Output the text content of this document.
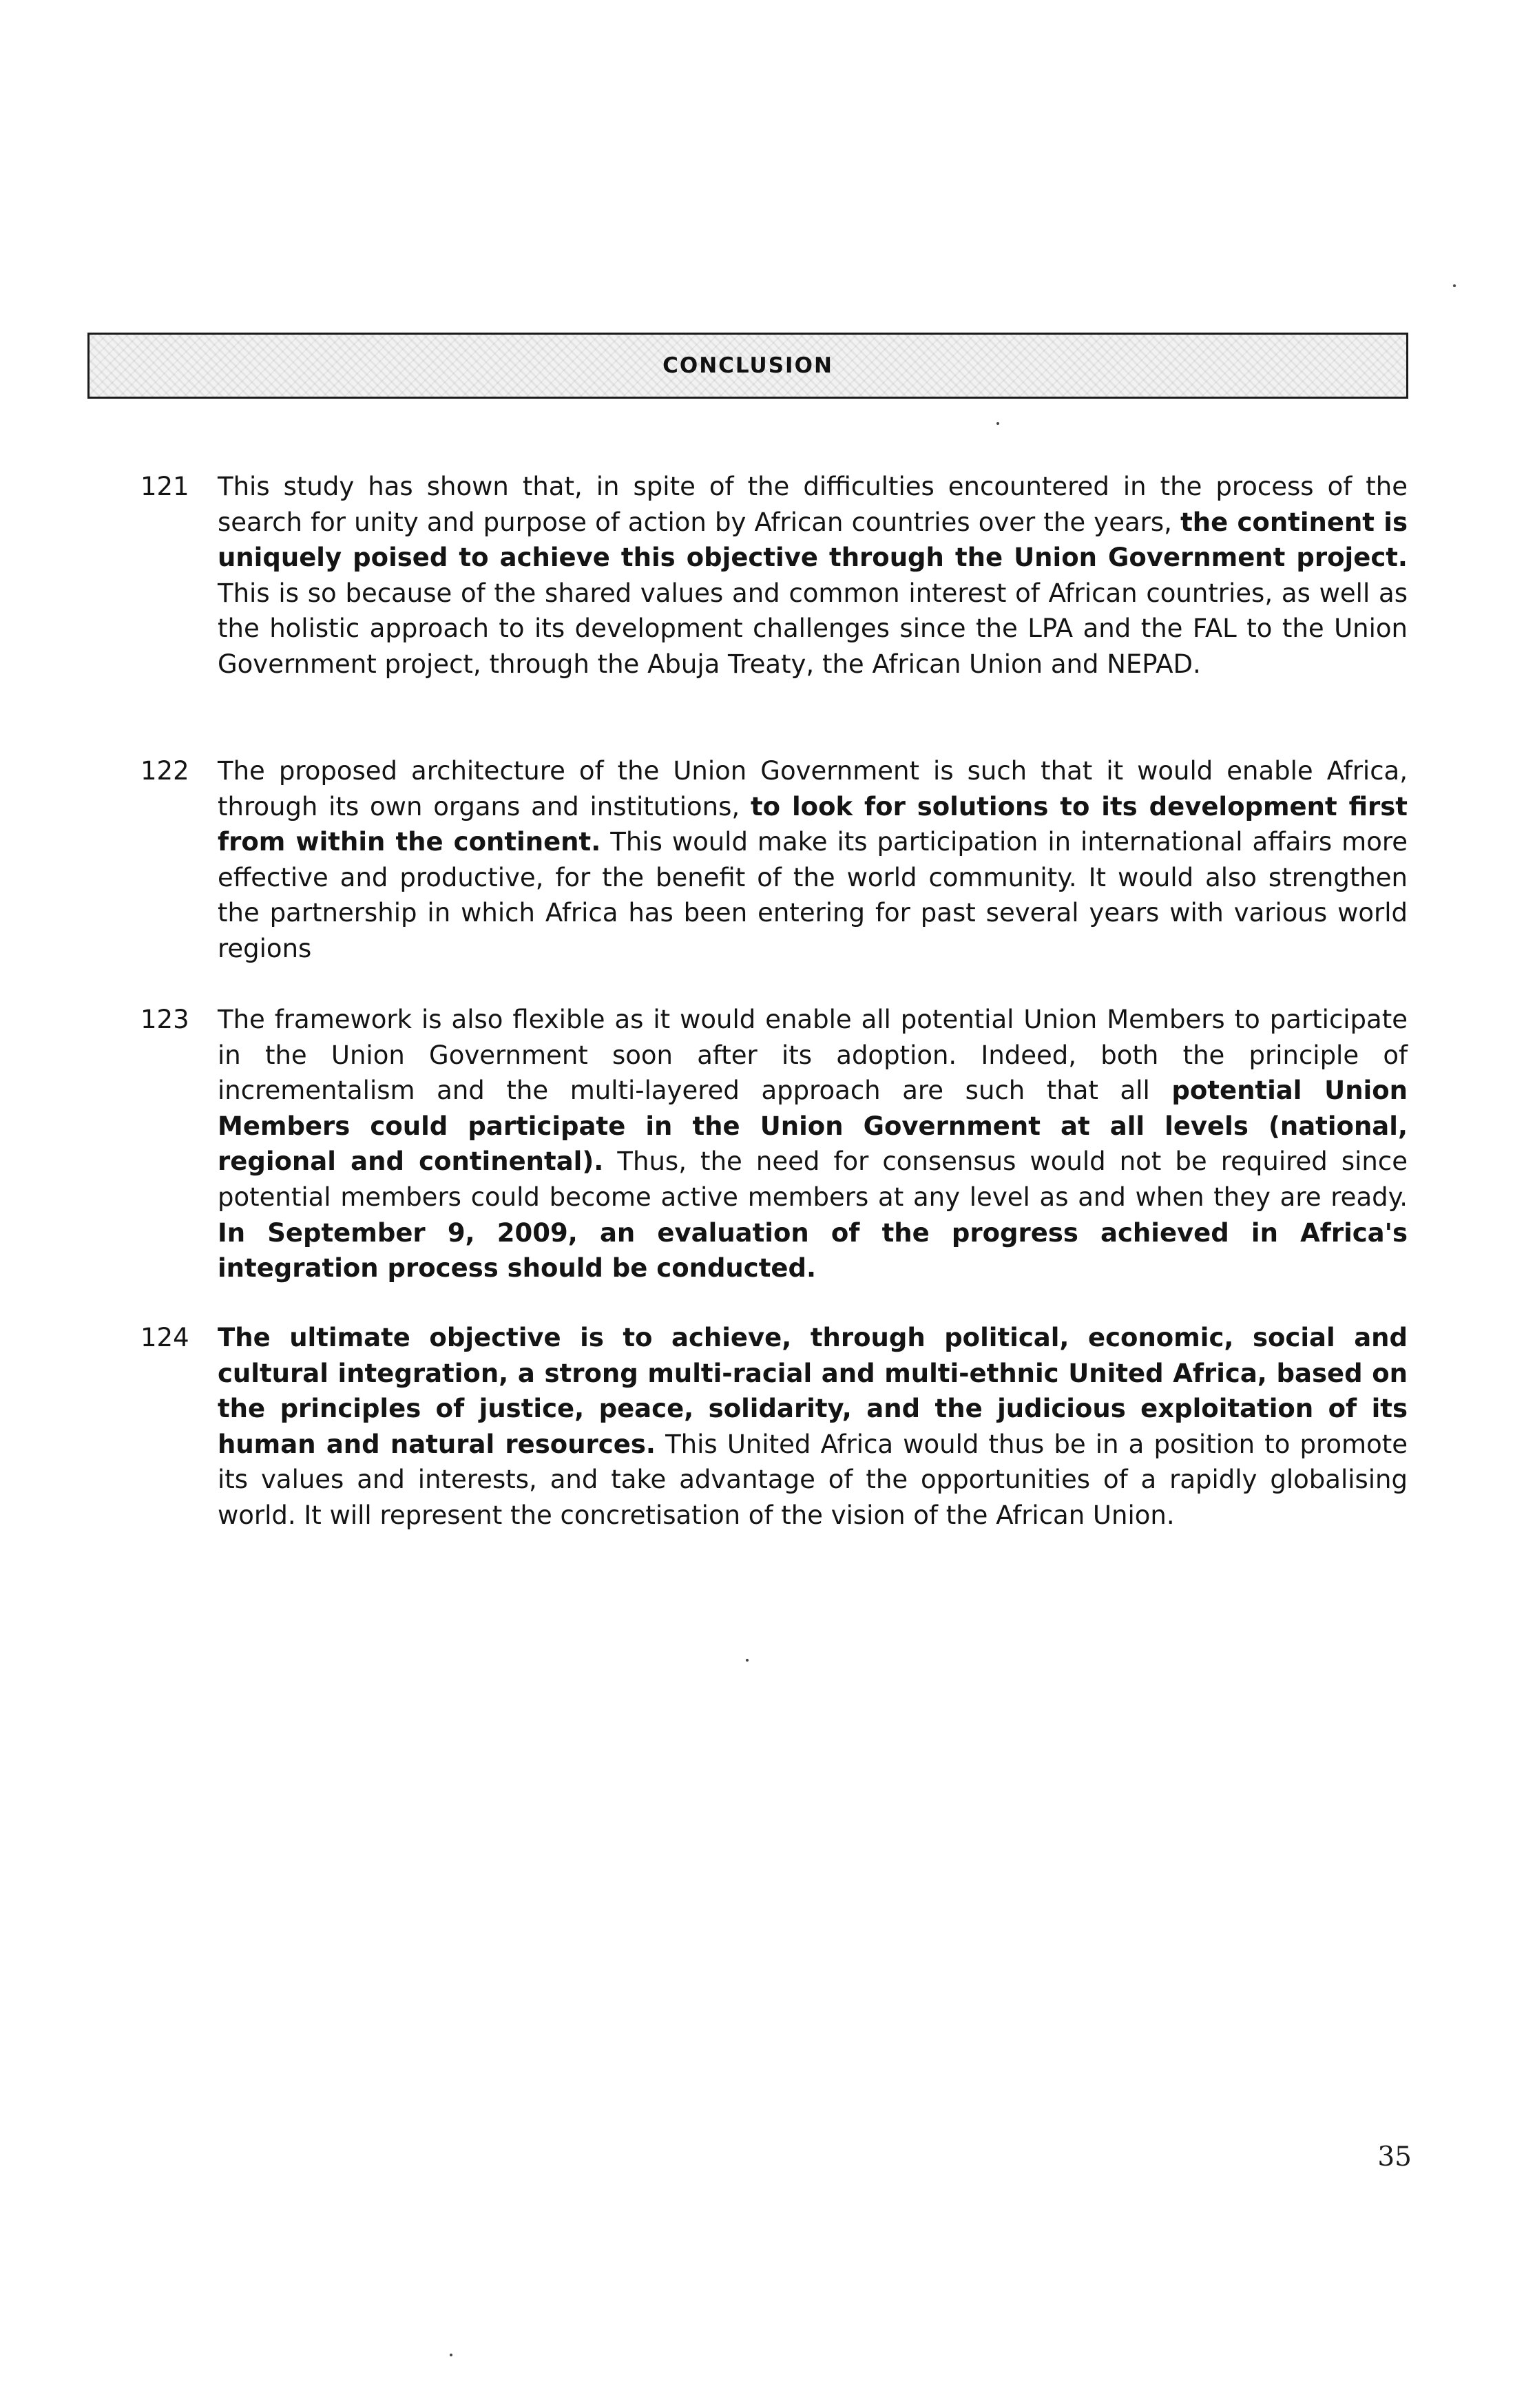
CONCLUSION
121	This study has shown that, in spite of the difficulties encountered in the process of the search for unity and purpose of action by African countries over the years, the continent is uniquely poised to achieve this objective through the Union Government project. This is so because of the shared values and common interest of African countries, as well as the holistic approach to its development challenges since the LPA and the FAL to the Union Government project, through the Abuja Treaty, the African Union and NEPAD.
122	The proposed architecture of the Union Government is such that it would enable Africa, through its own organs and institutions, to look for solutions to its development first from within the continent. This would make its participation in international affairs more effective and productive, for the benefit of the world community. It would also strengthen the partnership in which Africa has been entering for past several years with various world regions
123	The framework is also flexible as it would enable all potential Union Members to participate in the Union Government soon after its adoption. Indeed, both the principle of incrementalism and the multi-layered approach are such that all potential Union Members could participate in the Union Government at all levels (national, regional and continental). Thus, the need for consensus would not be required since potential members could become active members at any level as and when they are ready. In September 9, 2009, an evaluation of the progress achieved in Africa's integration process should be conducted.
124	The ultimate objective is to achieve, through political, economic, social and cultural integration, a strong multi-racial and multi-ethnic United Africa, based on the principles of justice, peace, solidarity, and the judicious exploitation of its human and natural resources. This United Africa would thus be in a position to promote its values and interests, and take advantage of the opportunities of a rapidly globalising world. It will represent the concretisation of the vision of the African Union.
35
